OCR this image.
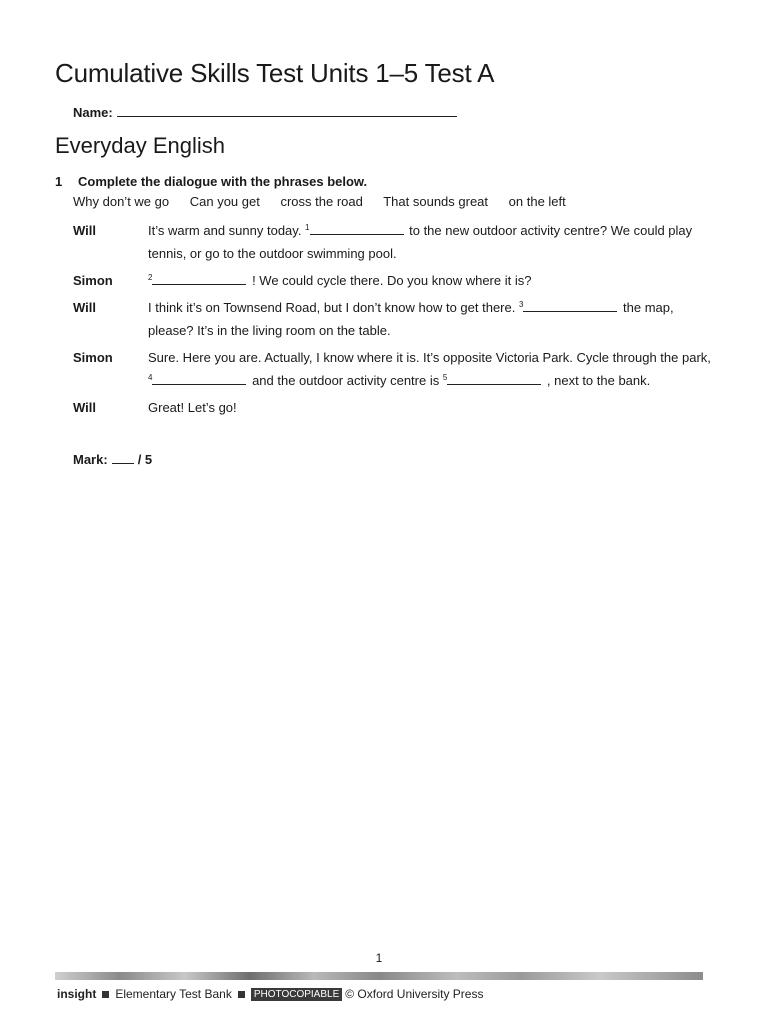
Cumulative Skills Test Units 1–5 Test A
Name:
Everyday English
1 Complete the dialogue with the phrases below.
Why don’t we go Can you get cross the road That sounds great on the left
Will	It’s warm and sunny today. $^1$	to the new outdoor activity centre? We could play tennis, or go to the outdoor swimming pool.
Simon	$^2$	! We could cycle there. Do you know where it is?
Will	I think it’s on Townsend Road, but I don’t know how to get there. $^3$	the map, please? It’s in the living room on the table.
Simon	Sure. Here you are. Actually, I know where it is. It’s opposite Victoria Park. Cycle through the park, $^4$	and the outdoor activity centre is $^5$	, next to the bank.
Will	Great! Let’s go!
Mark: / 5
1
insight Elementary Test Bank	PHOTOCOPIABLE © Oxford University Press
